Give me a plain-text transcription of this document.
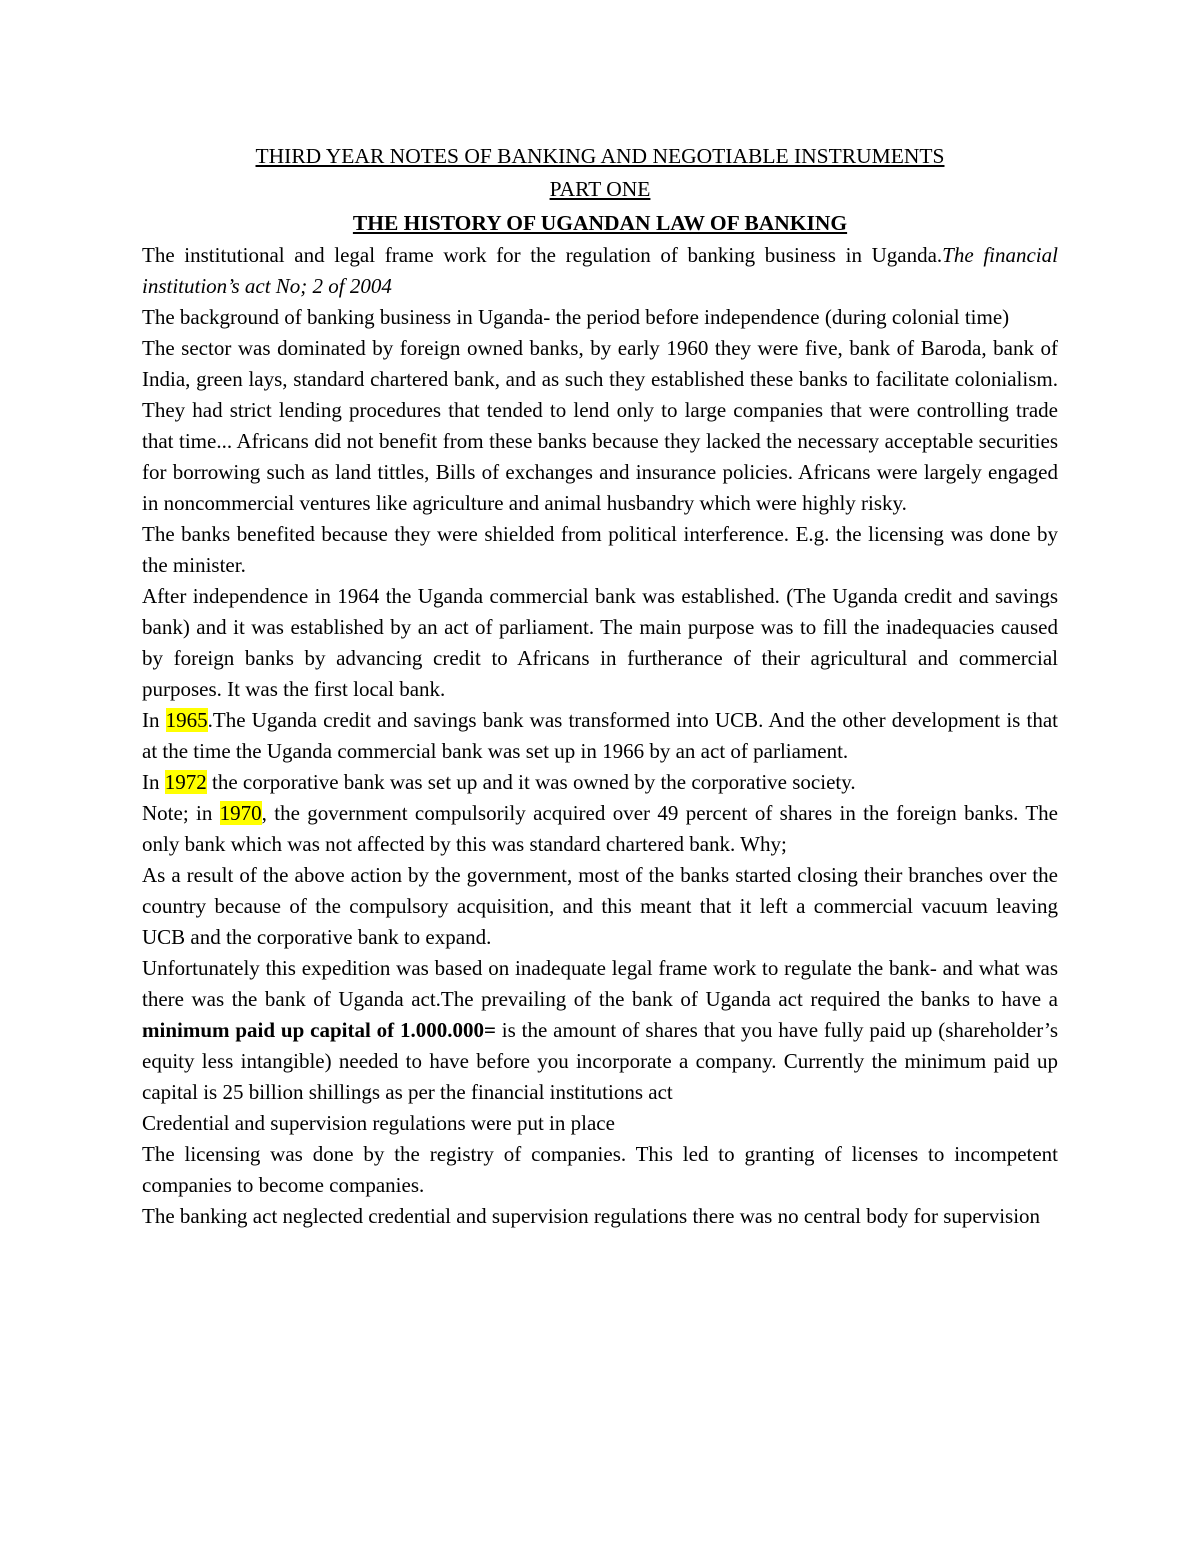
THIRD YEAR NOTES OF BANKING AND NEGOTIABLE INSTRUMENTS

PART ONE

THE HISTORY OF UGANDAN LAW OF BANKING

The institutional and legal frame work for the regulation of banking business in Uganda.The financial institution’s act No; 2 of 2004

The background of banking business in Uganda- the period before independence (during colonial time)

The sector was dominated by foreign owned banks, by early 1960 they were five, bank of Baroda, bank of India, green lays, standard chartered bank, and as such they established these banks to facilitate colonialism. They had strict lending procedures that tended to lend only to large companies that were controlling trade that time... Africans did not benefit from these banks because they lacked the necessary acceptable securities for borrowing such as land tittles, Bills of exchanges and insurance policies. Africans were largely engaged in noncommercial ventures like agriculture and animal husbandry which were highly risky.

The banks benefited because they were shielded from political interference. E.g. the licensing was done by the minister.

After independence in 1964 the Uganda commercial bank was established. (The Uganda credit and savings bank) and it was established by an act of parliament. The main purpose was to fill the inadequacies caused by foreign banks by advancing credit to Africans in furtherance of their agricultural and commercial purposes. It was the first local bank.

In 1965.The Uganda credit and savings bank was transformed into UCB. And the other development is that at the time the Uganda commercial bank was set up in 1966 by an act of parliament.

In 1972 the corporative bank was set up and it was owned by the corporative society.

Note; in 1970, the government compulsorily acquired over 49 percent of shares in the foreign banks. The only bank which was not affected by this was standard chartered bank. Why;

As a result of the above action by the government, most of the banks started closing their branches over the country because of the compulsory acquisition, and this meant that it left a commercial vacuum leaving UCB and the corporative bank to expand.

Unfortunately this expedition was based on inadequate legal frame work to regulate the bank- and what was there was the bank of Uganda act.The prevailing of the bank of Uganda act required the banks to have a minimum paid up capital of 1.000.000= is the amount of shares that you have fully paid up (shareholder’s equity less intangible) needed to have before you incorporate a company. Currently the minimum paid up capital is 25 billion shillings as per the financial institutions act

Credential and supervision regulations were put in place

The licensing was done by the registry of companies. This led to granting of licenses to incompetent companies to become companies.

The banking act neglected credential and supervision regulations there was no central body for supervision
